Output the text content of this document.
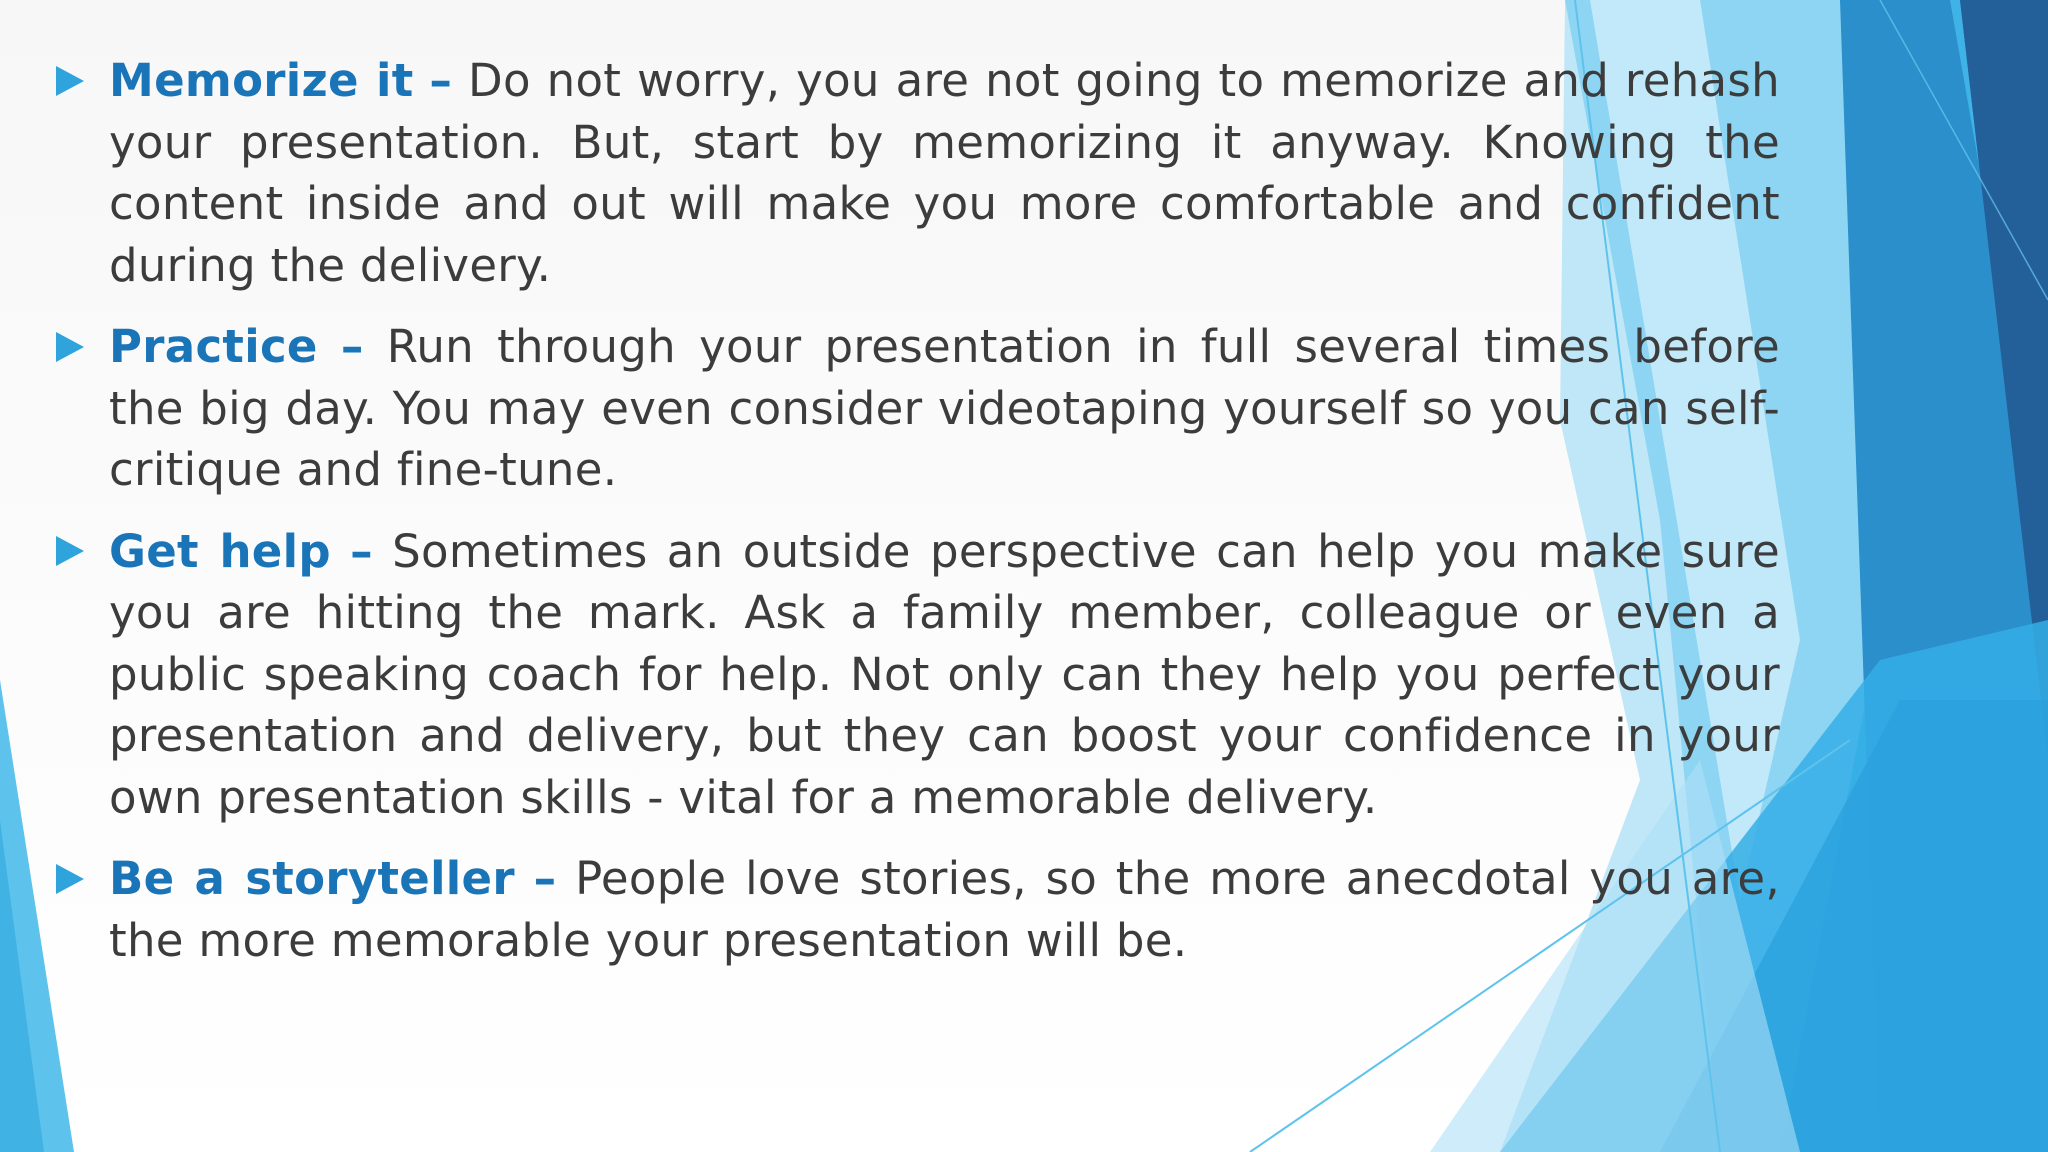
Memorize it – Do not worry, you are not going to memorize and rehash your presentation. But, start by memorizing it anyway. Knowing the content inside and out will make you more comfortable and confident during the delivery.
Practice – Run through your presentation in full several times before the big day. You may even consider videotaping yourself so you can self-critique and fine-tune.
Get help – Sometimes an outside perspective can help you make sure you are hitting the mark. Ask a family member, colleague or even a public speaking coach for help. Not only can they help you perfect your presentation and delivery, but they can boost your confidence in your own presentation skills - vital for a memorable delivery.
Be a storyteller – People love stories, so the more anecdotal you are, the more memorable your presentation will be.
